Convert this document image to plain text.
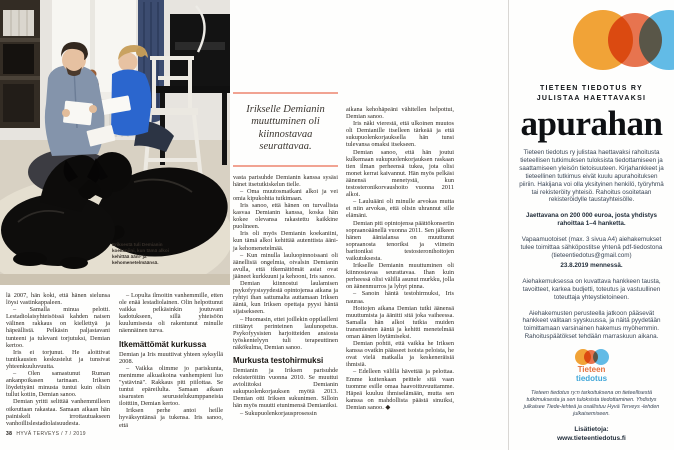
Eriksestä tuli Demianin koekaniini, kun tämä alkoi kehittää ääni- ja kehomenetelmäänsä.

lä 2007, hän koki, että hänen sielunsa löysi vastinkappaleen.

– Samalla minua pelotti. Lestadiolaisyhteisöissä kahden naisen välinen rakkaus on kiellettyä ja häpeällistä. Pelkäsin paljastavani tunteeni ja tulevani torjutuksi, Demian kertoo.

Iris ei torjunut. He aloittivat tuntikausien keskustelut ja tunsivat yhteenkuuluvuutta.

– Olen samastunut Ruman ankanpoikasen tarinaan. Iriksen löydettyäni minusta tuntui kuin olisin tullut kotiin, Demian sanoo.

Demian yritti selittää vanhemmilleen oikeuttaan rakastaa. Samaan aikaan hän painiskeli irrottautuakseen vanhoillislestadiolaisuudesta.

– Lopulta ilmoitin vanhemmille, etten ole enää lestadiolainen. Olin helpottunut vaikka pelkäsinkin joutuvani kadotukseen, sillä yhteisöön kuulumisesta oli rakentunut minulle näennäinen turva.

Itkemättömät kurkussa

Demian ja Iris muuttivat yhteen syksyllä 2008.

– Vaikka olimme jo pariskunta, menimme alkuaikoina vanhempieni luo "ystävinä". Rakkaus piti piilottaa. Se tuntui epäreilulta. Samaan aikaan sisarusten seurustelukumppaneista iloittiin, Demian kertoo.

Iriksen perhe antoi heille hyväksyntänsä ja tukensa. Iris sanoo, että

Irikselle Demianin muuttuminen oli kiinnostavaa seurattavaa.

vasta parisuhde Demianin kanssa sysäsi hänet itsetutkiskelun tielle.

– Oma muutosmatkani alkoi ja vei omia kipukohtia tutkimaan.

Iris sanoo, että hänen on turvallista kasvaa Demianin kanssa, koska hän kokee olevansa rakastettu kaikkine puolineen.

Iris oli myös Demianin koekaniini, kun tämä alkoi kehittää autenttista ääni- ja kehomenetelmää.

– Kun minulla lauluopinnoissani oli äänellisiä ongelmia, oivalsin Demianin avulla, että itkemättömät asiat ovat jääneet kurkkuuni ja kehooni, Iris sanoo.

Demian kiinnostui laulamisen psykofyysisyydestä opintojensa aikana ja ryhtyi ihan sattumalta auttamaan Iriksen ääntä, kun Iriksen opettaja pyysi häntä sijaisekseen.

– Huomasin, ettei joillekin oppilailleni riittänyt perinteinen laulunopetus. Psykofyysisten harjoitteiden ansiosta työskentelyyn tuli terapeuttinen näkökulma, Demian sanoo.

Murkusta testohirmuksi

Demianin ja Iriksen parisuhde rekisteröitiin vuonna 2010. Se muuttui avioliitoksi Demianin sukupuolenkorjauksen myötä 2013. Demian otti Iriksen sukunimen. Silloin hän myös muutti etunimensä Demianiksi.

– Sukupuolenkorjausprosessin

38 HYVÄ TERVEYS / 7 / 2019

aikana kehohäpeäni vähitellen helpottui, Demian sanoo.

Iris näki vierestä, että ulkoinen muutos oli Demianille itselleen tärkeää ja että sukupuolenkorjauksella hän tunsi tulevansa omaksi itsekseen.

Demian sanoo, että hän joutui kulkemaan sukupuolenkorjauksen raskaan tien ilman perheensä tukea, jota olisi monet kerrat kaivannut. Hän myös pelkäsi äänensä menetystä, kun testosteronikorvaushoito vuonna 2011 alkoi.

– Lauluääni oli minulle arvokas mutta ei niin arvokas, että olisin uhrannut sille elämäni.

Demian piti opintojensa päättökonsertin sopraanoäänellä vuonna 2011. Sen jälkeen hänen äänialansa on muuttunut sopraanosta tenoriksi ja viimein baritoniksi testosteronihoitojen vaikutuksesta.

Irikselle Demianin muuttuminen oli kiinnostavaa seurattavaa. Ihan kuin perheessä olisi välillä asunut murkku, jolla on äänenmurros ja lyhyt pinna.

– Sanoin häntä testohirmuksi, Iris nauraa.

Hoitojen aikana Demian tutki äänensä muuttumista ja äänitti sitä joka vaiheessa. Samalla hän alkoi tutkia muiden transmiesten ääntä ja kehitti menetelmää oman äänen löytämiseksi.

Demian pohtii, että vaikka he Iriksen kanssa ovatkin päässeet isoista peloista, he ovat vielä matkalla ja keskeneräisiä ihmisiä.

– Edelleen välillä hävettää ja pelottaa. Emme kuitenkaan peittele sitä vaan tuomme esille omaa haavoittuvuuttamme. Häpeä kuuluu ihmiselämään, mutta sen kanssa on mahdollista päästä sinuiksi, Demian sanoo. ◆

TIETEEN TIEDOTUS RY
JULISTAA HAETTAVAKSI
apurahan

Tieteen tiedotus ry julistaa haettavaksi rahoitusta tieteellisen tutkimuksen tuloksista tiedottamiseen ja saattamiseen yleisön tietoisuuteen. Kirjahankkeet ja tieteellinen tutkimus eivät kuulu apurahoituksen piiriin. Hakijana voi olla yksityinen henkilö, työryhmä tai rekisteröity yhteisö. Rahoitus osoitetaan rekisteröidylle taustayhteisölle.

Jaettavana on 200 000 euroa, josta yhdistys rahoittaa 1–4 hanketta.

Vapaamuotoiset (max. 3 sivua A4) aiehakemukset tulee toimittaa sähköpostitse yhtenä pdf-tiedostona (tieteentiedotus@gmail.com)

23.8.2019 mennessä.

Aiehakemuksessa on kuvattava hankkeen tausta, tavoitteet, karkea budjetti, toteutus ja vastuullinen toteuttaja yhteystietoineen.

Aiehakemusten perusteella jatkoon pääsevät hankkeet valitaan syyskuussa, ja näitä pyydetään toimittamaan varsinainen hakemus myöhemmin. Rahoituspäätökset tehdään marraskuun aikana.

Tieteen
tiedotus

Tieteen tiedotus ry:n tarkoituksena on tieteellisestä tutkimuksesta ja sen tuloksista tiedottaminen. Yhdistys julkaisee Tiede-lehteä ja osallistuu Hyvä Terveys -lehden julkaisemiseen.

Lisätietoja:
www.tieteentiedotus.fi
